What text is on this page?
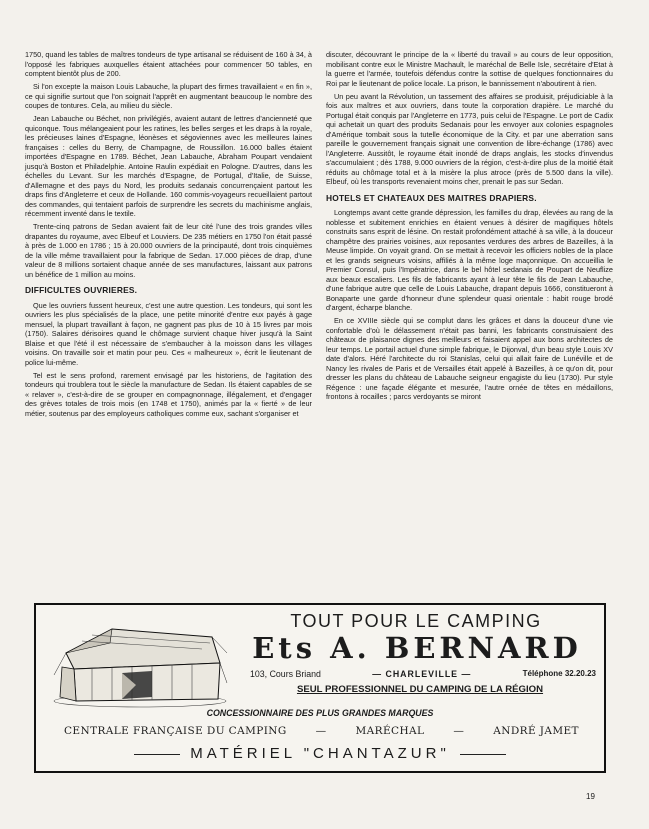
1750, quand les tables de maîtres tondeurs de type artisanal se réduisent de 160 à 34, à l'opposé les fabriques auxquelles étaient attachées pour commencer 50 tables, en comptent bientôt plus de 200.

Si l'on excepte la maison Louis Labauche, la plupart des firmes travaillaient « en fin », ce qui signifie surtout que l'on soignait l'apprêt en augmentant beaucoup le nombre des coupes de tontures. Cela, au milieu du siècle.

Jean Labauche ou Béchet, non privilégiés, avaient autant de lettres d'ancienneté que quiconque. Tous mélangeaient pour les ratines, les belles serges et les draps à la royale, les précieuses laines d'Espagne, léonèses et ségoviennes avec les meilleures laines françaises : celles du Berry, de Champagne, de Roussillon. 16.000 balles étaient importées d'Espagne en 1789. Béchet, Jean Labauche, Abraham Poupart vendaient jusqu'à Boston et Philadelphie. Antoine Raulin expédiait en Pologne. D'autres, dans les échelles du Levant. Sur les marchés d'Espagne, de Portugal, d'Italie, de Suisse, d'Allemagne et des pays du Nord, les produits sedanais concurrençaient partout les draps fins d'Angleterre et ceux de Hollande. 160 commis-voyageurs recueillaient partout des commandes, qui tentaient parfois de surprendre les secrets du machinisme anglais, récemment inventé dans le textile.

Trente-cinq patrons de Sedan avaient fait de leur cité l'une des trois grandes villes drapantes du royaume, avec Elbeuf et Louviers. De 235 métiers en 1750 l'on était passé à près de 1.000 en 1786 ; 15 à 20.000 ouvriers de la principauté, dont trois cinquièmes de la ville même travaillaient pour la fabrique de Sedan. 17.000 pièces de drap, d'une valeur de 8 millions sortaient chaque année de ses manufactures, laissant aux patrons un bénéfice de 1 million au moins.

DIFFICULTES OUVRIERES.

Que les ouvriers fussent heureux, c'est une autre question. Les tondeurs, qui sont les ouvriers les plus spécialisés de la place, une petite minorité d'entre eux payés à gage mensuel, la plupart travaillant à façon, ne gagnent pas plus de 10 à 15 livres par mois (1750). Salaires dérisoires quand le chômage survient chaque hiver jusqu'à la Saint Blaise et que l'été il est nécessaire de s'embaucher à la moisson dans les villages voisins. On travaille soir et matin pour peu. Ces « malheureux », écrit le lieutenant de police lui-même.

Tel est le sens profond, rarement envisagé par les historiens, de l'agitation des tondeurs qui troublera tout le siècle la manufacture de Sedan. Ils étaient capables de se « relaver », c'est-à-dire de se grouper en compagnonnage, illégalement, et d'engager des grèves totales de trois mois (en 1748 et 1750), animés par la « fierté » de leur métier, soutenus par des employeurs catholiques comme eux, sachant s'organiser et

discuter, découvrant le principe de la « liberté du travail » au cours de leur opposition, mobilisant contre eux le Ministre Machault, le maréchal de Belle Isle, secrétaire d'Etat à la guerre et l'armée, toutefois défendus contre la sottise de quelques fonctionnaires du Roi par le lieutenant de police locale. La prison, le bannissement n'aboutirent à rien.

Un peu avant la Révolution, un tassement des affaires se produisit, préjudiciable à la fois aux maîtres et aux ouvriers, dans toute la corporation drapière. Le marché du Portugal était conquis par l'Angleterre en 1773, puis celui de l'Espagne. Le port de Cadix qui achetait un quart des produits Sedanais pour les envoyer aux colonies espagnoles d'Amérique tombait sous la tutelle économique de la City. et par une aberration sans pareille le gouvernement français signait une convention de libre-échange (1786) avec l'Angleterre. Aussitôt, le royaume était inondé de draps anglais, les stocks d'invendus s'accumulaient ; dès 1788, 9.000 ouvriers de la région, c'est-à-dire plus de la moitié était réduits au chômage total et à la misère la plus atroce (près de 5.500 dans la ville). Elbeuf, où les transports revenaient moins cher, prenait le pas sur Sedan.

HOTELS ET CHATEAUX DES MAITRES DRAPIERS.

Longtemps avant cette grande dépression, les familles du drap, élevées au rang de la noblesse et subitement enrichies en étaient venues à désirer de magifiques hôtels construits sans esprit de lésine. On restait profondément attaché à sa ville, à la douceur champêtre des prairies voisines, aux reposantes verdures des arbres de Bazeilles, à la Meuse limpide. On voyait grand. On se mettait à recevoir les officiers nobles de la place et les grands seigneurs voisins, affiliés à la même loge maçonnique. On accueillia le Premier Consul, puis l'Impératrice, dans le bel hôtel sedanais de Poupart de Neuflize aux beaux escaliers. Les fils de fabricants ayant à leur tête le fils de Jean Labauche, d'une fabrique autre que celle de Louis Labauche, drapant depuis 1666, constitueront à Bonaparte une garde d'honneur d'une splendeur quasi orientale : habit rouge brodé d'argent, écharpe blanche.

En ce XVIIIe siècle qui se complut dans les grâces et dans la douceur d'une vie confortable d'où le délassement n'était pas banni, les fabricants construisaient des châteaux de plaisance dignes des meilleurs et faisaient appel aux bons architectes de leur temps. Le portail actuel d'une simple fabrique, le Dijonval, d'un beau style Louis XV date d'alors. Héré l'architecte du roi Stanislas, celui qui allait faire de Lunéville et de Nancy les rivales de Paris et de Versailles était appelé à Bazeilles, à ce qu'on dit, pour dresser les plans du château de Labauche seigneur engagiste du lieu (1730). Pur style Régence : une façade élégante et mesurée, l'autre ornée de têtes en médaillons, frontons à rocailles ; parcs verdoyants se miront

TOUT POUR LE CAMPING
Ets A. BERNARD
103, Cours Briand	— CHARLEVILLE —	Téléphone 32.20.23
SEUL PROFESSIONNEL DU CAMPING DE LA RÉGION
CONCESSIONNAIRE DES PLUS GRANDES MARQUES
CENTRALE FRANÇAISE DU CAMPING	—	MARÉCHAL	—	ANDRÉ JAMET
MATÉRIEL "CHANTAZUR"
19
